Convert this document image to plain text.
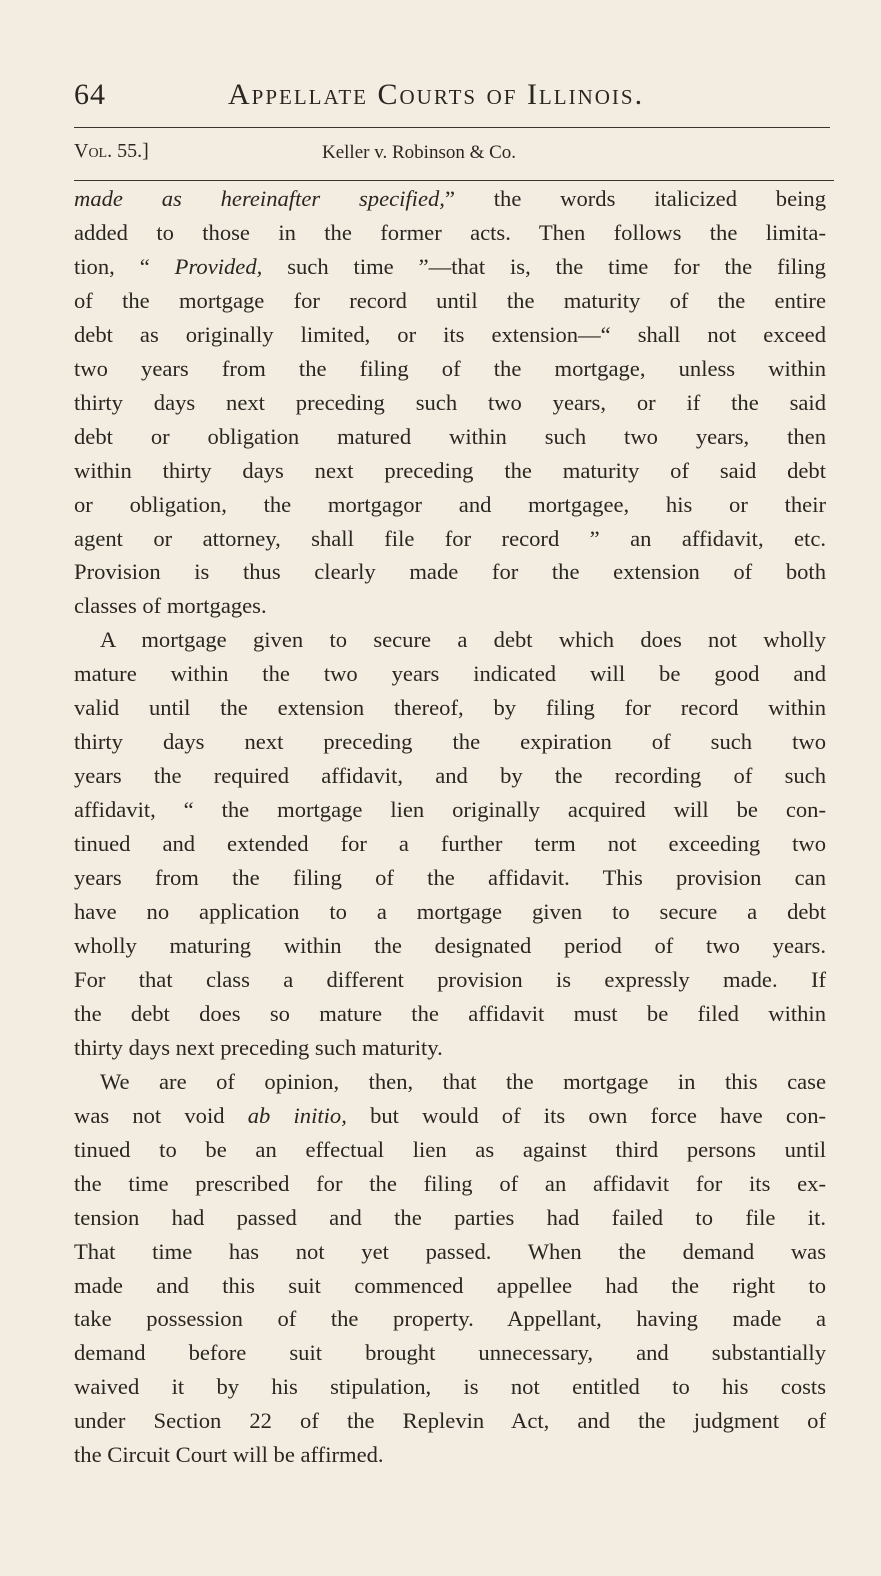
64	Appellate Courts of Illinois.
Vol. 55.]	Keller v. Robinson & Co.
made as hereinafter specified,” the words italicized being
added to those in the former acts. Then follows the limita-
tion, “ Provided, such time ”—that is, the time for the filing
of the mortgage for record until the maturity of the entire
debt as originally limited, or its extension—“ shall not exceed
two years from the filing of the mortgage, unless within
thirty days next preceding such two years, or if the said
debt or obligation matured within such two years, then
within thirty days next preceding the maturity of said debt
or obligation, the mortgagor and mortgagee, his or their
agent or attorney, shall file for record ” an affidavit, etc.
Provision is thus clearly made for the extension of both
classes of mortgages.
A mortgage given to secure a debt which does not wholly
mature within the two years indicated will be good and
valid until the extension thereof, by filing for record within
thirty days next preceding the expiration of such two
years the required affidavit, and by the recording of such
affidavit, “ the mortgage lien originally acquired will be con-
tinued and extended for a further term not exceeding two
years from the filing of the affidavit. This provision can
have no application to a mortgage given to secure a debt
wholly maturing within the designated period of two years.
For that class a different provision is expressly made. If
the debt does so mature the affidavit must be filed within
thirty days next preceding such maturity.
We are of opinion, then, that the mortgage in this case
was not void ab initio, but would of its own force have con-
tinued to be an effectual lien as against third persons until
the time prescribed for the filing of an affidavit for its ex-
tension had passed and the parties had failed to file it.
That time has not yet passed. When the demand was
made and this suit commenced appellee had the right to
take possession of the property. Appellant, having made a
demand before suit brought unnecessary, and substantially
waived it by his stipulation, is not entitled to his costs
under Section 22 of the Replevin Act, and the judgment of
the Circuit Court will be affirmed.
